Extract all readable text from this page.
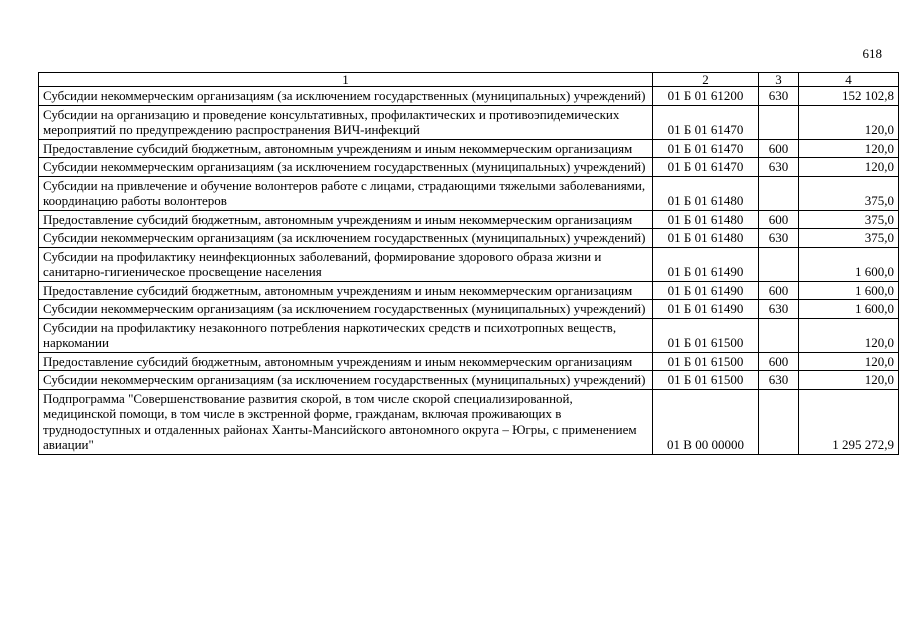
618
1	2	3	4
Субсидии некоммерческим организациям (за исключением государственных (муниципальных) учреждений)	01 Б 01 61200	630	152 102,8
Субсидии на организацию и проведение консультативных, профилактических и противоэпидемических мероприятий по предупреждению распространения ВИЧ-инфекций	01 Б 01 61470		120,0
Предоставление субсидий бюджетным, автономным учреждениям и иным некоммерческим организациям	01 Б 01 61470	600	120,0
Субсидии некоммерческим организациям (за исключением государственных (муниципальных) учреждений)	01 Б 01 61470	630	120,0
Субсидии на привлечение и обучение волонтеров работе с лицами, страдающими тяжелыми заболеваниями, координацию работы волонтеров	01 Б 01 61480		375,0
Предоставление субсидий бюджетным, автономным учреждениям и иным некоммерческим организациям	01 Б 01 61480	600	375,0
Субсидии некоммерческим организациям (за исключением государственных (муниципальных) учреждений)	01 Б 01 61480	630	375,0
Субсидии на профилактику неинфекционных заболеваний, формирование здорового образа жизни и санитарно-гигиеническое просвещение населения	01 Б 01 61490		1 600,0
Предоставление субсидий бюджетным, автономным учреждениям и иным некоммерческим организациям	01 Б 01 61490	600	1 600,0
Субсидии некоммерческим организациям (за исключением государственных (муниципальных) учреждений)	01 Б 01 61490	630	1 600,0
Субсидии на профилактику незаконного потребления наркотических средств и психотропных веществ, наркомании	01 Б 01 61500		120,0
Предоставление субсидий бюджетным, автономным учреждениям и иным некоммерческим организациям	01 Б 01 61500	600	120,0
Субсидии некоммерческим организациям (за исключением государственных (муниципальных) учреждений)	01 Б 01 61500	630	120,0
Подпрограмма "Совершенствование развития скорой, в том числе скорой специализированной, медицинской помощи, в том числе в экстренной форме, гражданам, включая проживающих в труднодоступных и отдаленных районах Ханты-Мансийского автономного округа – Югры, с применением авиации"	01 В 00 00000		1 295 272,9
